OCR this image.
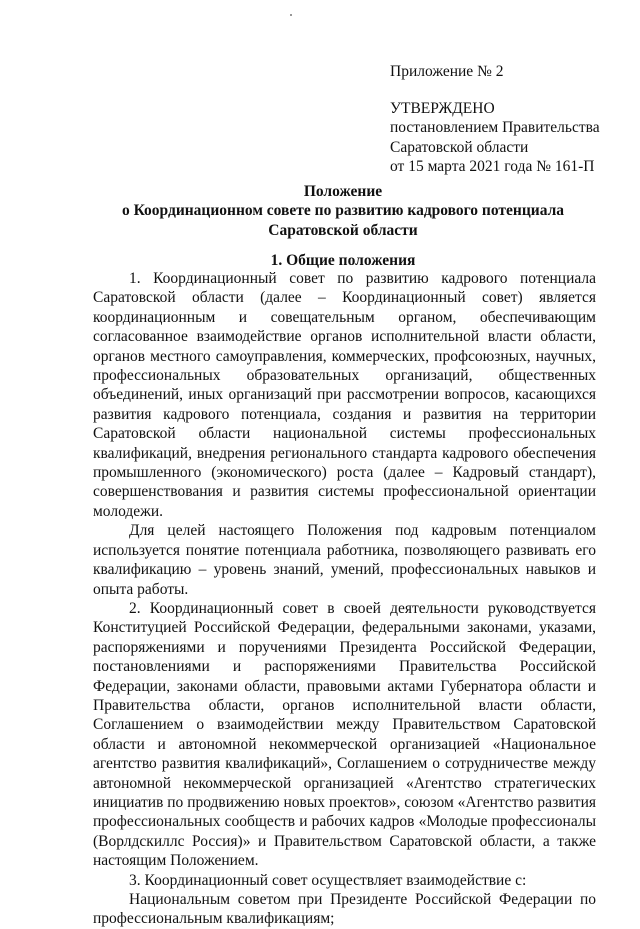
Приложение № 2
УТВЕРЖДЕНО
постановлением Правительства
Саратовской области
от 15 марта 2021 года № 161-П
Положение
о Координационном совете по развитию кадрового потенциала
Саратовской области
1. Общие положения

1. Координационный совет по развитию кадрового потенциала Саратовской области (далее – Координационный совет) является координационным и совещательным органом, обеспечивающим согласованное взаимодействие органов исполнительной власти области, органов местного самоуправления, коммерческих, профсоюзных, научных, профессиональных образовательных организаций, общественных объединений, иных организаций при рассмотрении вопросов, касающихся развития кадрового потенциала, создания и развития на территории Саратовской области национальной системы профессиональных квалификаций, внедрения регионального стандарта кадрового обеспечения промышленного (экономического) роста (далее – Кадровый стандарт), совершенствования и развития системы профессиональной ориентации молодежи.

Для целей настоящего Положения под кадровым потенциалом используется понятие потенциала работника, позволяющего развивать его квалификацию – уровень знаний, умений, профессиональных навыков и опыта работы.

2. Координационный совет в своей деятельности руководствуется Конституцией Российской Федерации, федеральными законами, указами, распоряжениями и поручениями Президента Российской Федерации, постановлениями и распоряжениями Правительства Российской Федерации, законами области, правовыми актами Губернатора области и Правительства области, органов исполнительной власти области, Соглашением о взаимодействии между Правительством Саратовской области и автономной некоммерческой организацией «Национальное агентство развития квалификаций», Соглашением о сотрудничестве между автономной некоммерческой организацией «Агентство стратегических инициатив по продвижению новых проектов», союзом «Агентство развития профессиональных сообществ и рабочих кадров «Молодые профессионалы (Ворлдскиллс Россия)» и Правительством Саратовской области, а также настоящим Положением.

3. Координационный совет осуществляет взаимодействие с:

Национальным советом при Президенте Российской Федерации по профессиональным квалификациям;
